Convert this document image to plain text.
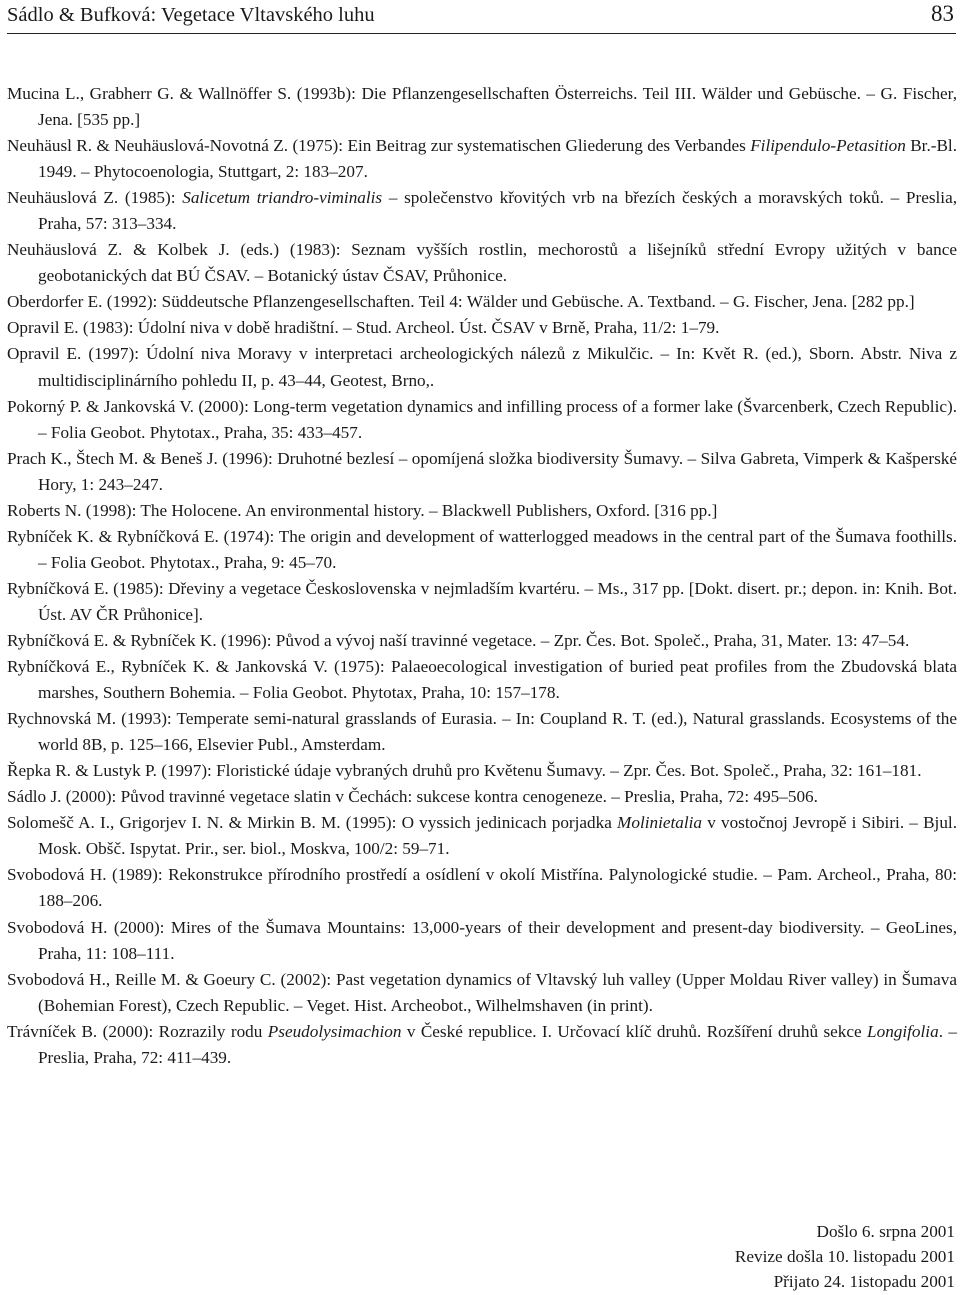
Sádlo & Bufková: Vegetace Vltavského luhu	83
Mucina L., Grabherr G. & Wallnöffer S. (1993b): Die Pflanzengesellschaften Österreichs. Teil III. Wälder und Gebüsche. – G. Fischer, Jena. [535 pp.]
Neuhäusl R. & Neuhäuslová-Novotná Z. (1975): Ein Beitrag zur systematischen Gliederung des Verbandes Filipendulo-Petasition Br.-Bl. 1949. – Phytocoenologia, Stuttgart, 2: 183–207.
Neuhäuslová Z. (1985): Salicetum triandro-viminalis – společenstvo křovitých vrb na březích českých a moravských toků. – Preslia, Praha, 57: 313–334.
Neuhäuslová Z. & Kolbek J. (eds.) (1983): Seznam vyšších rostlin, mechorostů a lišejníků střední Evropy užitých v bance geobotanických dat BÚ ČSAV. – Botanický ústav ČSAV, Průhonice.
Oberdorfer E. (1992): Süddeutsche Pflanzengesellschaften. Teil 4: Wälder und Gebüsche. A. Textband. – G. Fischer, Jena. [282 pp.]
Opravil E. (1983): Údolní niva v době hradištní. – Stud. Archeol. Úst. ČSAV v Brně, Praha, 11/2: 1–79.
Opravil E. (1997): Údolní niva Moravy v interpretaci archeologických nálezů z Mikulčic. – In: Květ R. (ed.), Sborn. Abstr. Niva z multidisciplinárního pohledu II, p. 43–44, Geotest, Brno,.
Pokorný P. & Jankovská V. (2000): Long-term vegetation dynamics and infilling process of a former lake (Švarcenberk, Czech Republic). – Folia Geobot. Phytotax., Praha, 35: 433–457.
Prach K., Štech M. & Beneš J. (1996): Druhotné bezlesí – opomíjená složka biodiversity Šumavy. – Silva Gabreta, Vimperk & Kašperské Hory, 1: 243–247.
Roberts N. (1998): The Holocene. An environmental history. – Blackwell Publishers, Oxford. [316 pp.]
Rybníček K. & Rybníčková E. (1974): The origin and development of watterlogged meadows in the central part of the Šumava foothills. – Folia Geobot. Phytotax., Praha, 9: 45–70.
Rybníčková E. (1985): Dřeviny a vegetace Československa v nejmladším kvartéru. – Ms., 317 pp. [Dokt. disert. pr.; depon. in: Knih. Bot. Úst. AV ČR Průhonice].
Rybníčková E. & Rybníček K. (1996): Původ a vývoj naší travinné vegetace. – Zpr. Čes. Bot. Společ., Praha, 31, Mater. 13: 47–54.
Rybníčková E., Rybníček K. & Jankovská V. (1975): Palaeoecological investigation of buried peat profiles from the Zbudovská blata marshes, Southern Bohemia. – Folia Geobot. Phytotax, Praha, 10: 157–178.
Rychnovská M. (1993): Temperate semi-natural grasslands of Eurasia. – In: Coupland R. T. (ed.), Natural grasslands. Ecosystems of the world 8B, p. 125–166, Elsevier Publ., Amsterdam.
Řepka R. & Lustyk P. (1997): Floristické údaje vybraných druhů pro Květenu Šumavy. – Zpr. Čes. Bot. Společ., Praha, 32: 161–181.
Sádlo J. (2000): Původ travinné vegetace slatin v Čechách: sukcese kontra cenogeneze. – Preslia, Praha, 72: 495–506.
Solomešč A. I., Grigorjev I. N. & Mirkin B. M. (1995): O vyssich jedinicach porjadka Molinietalia v vostočnoj Jevropě i Sibiri. – Bjul. Mosk. Obšč. Ispytat. Prir., ser. biol., Moskva, 100/2: 59–71.
Svobodová H. (1989): Rekonstrukce přírodního prostředí a osídlení v okolí Mistřína. Palynologické studie. – Pam. Archeol., Praha, 80: 188–206.
Svobodová H. (2000): Mires of the Šumava Mountains: 13,000-years of their development and present-day biodiversity. – GeoLines, Praha, 11: 108–111.
Svobodová H., Reille M. & Goeury C. (2002): Past vegetation dynamics of Vltavský luh valley (Upper Moldau River valley) in Šumava (Bohemian Forest), Czech Republic. – Veget. Hist. Archeobot., Wilhelmshaven (in print).
Trávníček B. (2000): Rozrazily rodu Pseudolysimachion v České republice. I. Určovací klíč druhů. Rozšíření druhů sekce Longifolia. – Preslia, Praha, 72: 411–439.
Došlo 6. srpna 2001
Revize došla 10. listopadu 2001
Přijato 24. 1istopadu 2001
